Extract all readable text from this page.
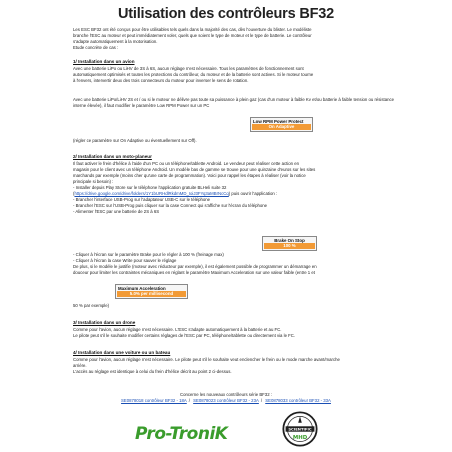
Utilisation des contrôleurs BF32
Les ESC BF32 ont été conçus pour être utilisables tels quels dans la majorité des cas, dès l'ouverture du blister. Le modéliste
branche l'ESC au moteur et peut immédiatement voler, quels que soient le type de moteur et le type de batterie. Le contrôleur
s'adapte automatiquement à la motorisation.
Etude concrète de cas :
1/ Installation dans un avion
Avec une batterie LiPo ou LiHV de 3S à 6S, aucun réglage n'est nécessaire. Tous les paramètres de fonctionnement sont
automatiquement optimisés et toutes les protections du contrôleur, du moteur et de la batterie sont actives. Si le moteur tourne
à l'envers, intervertir deux des trois connecteurs du moteur pour inverser le sens de rotation.
Avec une batterie LiPo/LiHV 2S et / ou si le moteur ne délivre pas toute sa puissance à plein gaz (cas d'un moteur à faible Kv et/ou batterie à faible tension ou résistance interne élevée), il faut modifier le paramètre Low RPM Power sur un PC
Low RPM Power Protect
On Adaptive
(régler ce paramètre sur On Adaptive ou éventuellement sur Off).
2/ Installation dans un moto-planeur
Il faut activer le frein d'hélice à l'aide d'un PC ou un téléphone/tablette Android. Le vendeur peut réaliser cette action en
magasin pour le client avec un téléphone Android. Un modèle bas de gamme se trouve pour une quinzaine d'euros sur les sites
marchands par exemple (moins cher qu'une carte de programmation). Voici pour rappel les étapes à réaliser (voir la notice
principale si besoin) :
- Installer depuis Play Store sur le téléphone l'application gratuite BLHeli suite 32
(https://drive.google.com/drive/folders/1Y1bURHdlRkdmMD_IoiJ3FYq3aMBrNcCq) puis ouvrir l'application :
- Brancher l'interface USB-Prog sur l'adaptateur USB-C sur le téléphone
- Brancher l'ESC sur l'USB-Prog puis cliquer sur la case Connect qui s'affiche sur l'écran du téléphone
- Alimenter l'ESC par une batterie de 2S à 6S
Brake On Stop
100 %
- Cliquer à l'écran sur le paramètre Brake pour le régler à 100 % (freinage max)
- Cliquer à l'écran la case Write pour sauver le réglage
De plus, si le modèle le justifie (moteur avec réducteur par exemple), il est également possible de programmer un démarrage en
douceur pour limiter les contraintes mécaniques en réglant le paramètre Maximum Acceleration sur une valeur faible (entre 1 et
Maximum Acceleration
5.0% per millisecond
50 % par exemple)
3/ Installation dans un drone
Comme pour l'avion, aucun réglage n'est nécessaire. L'ESC s'adapte automatiquement à la batterie et au FC.
Le pilote peut s'il le souhaite modifier certains réglages de l'ESC par PC, téléphone/tablette ou directement via le FC.
4/ Installation dans une voiture ou un bateau
Comme pour l'avion, aucun réglage n'est nécessaire. Le pilote peut s'il le souhaite veut enclencher le frein ou le mode marche avant/marche
arrière.
L'accès au réglage est identique à celui du frein d'hélice décrit au point 2 ci-dessus.
Concerne les nouveaux contrôleurs série BF32 :
SE0878018 contrôleur BF32 - 18A / SE0878023 contrôleur BF32 - 23A / SE0878033 contrôleur BF32 - 33A
Pro-TroniK	SCIENTIFIC
MHD
